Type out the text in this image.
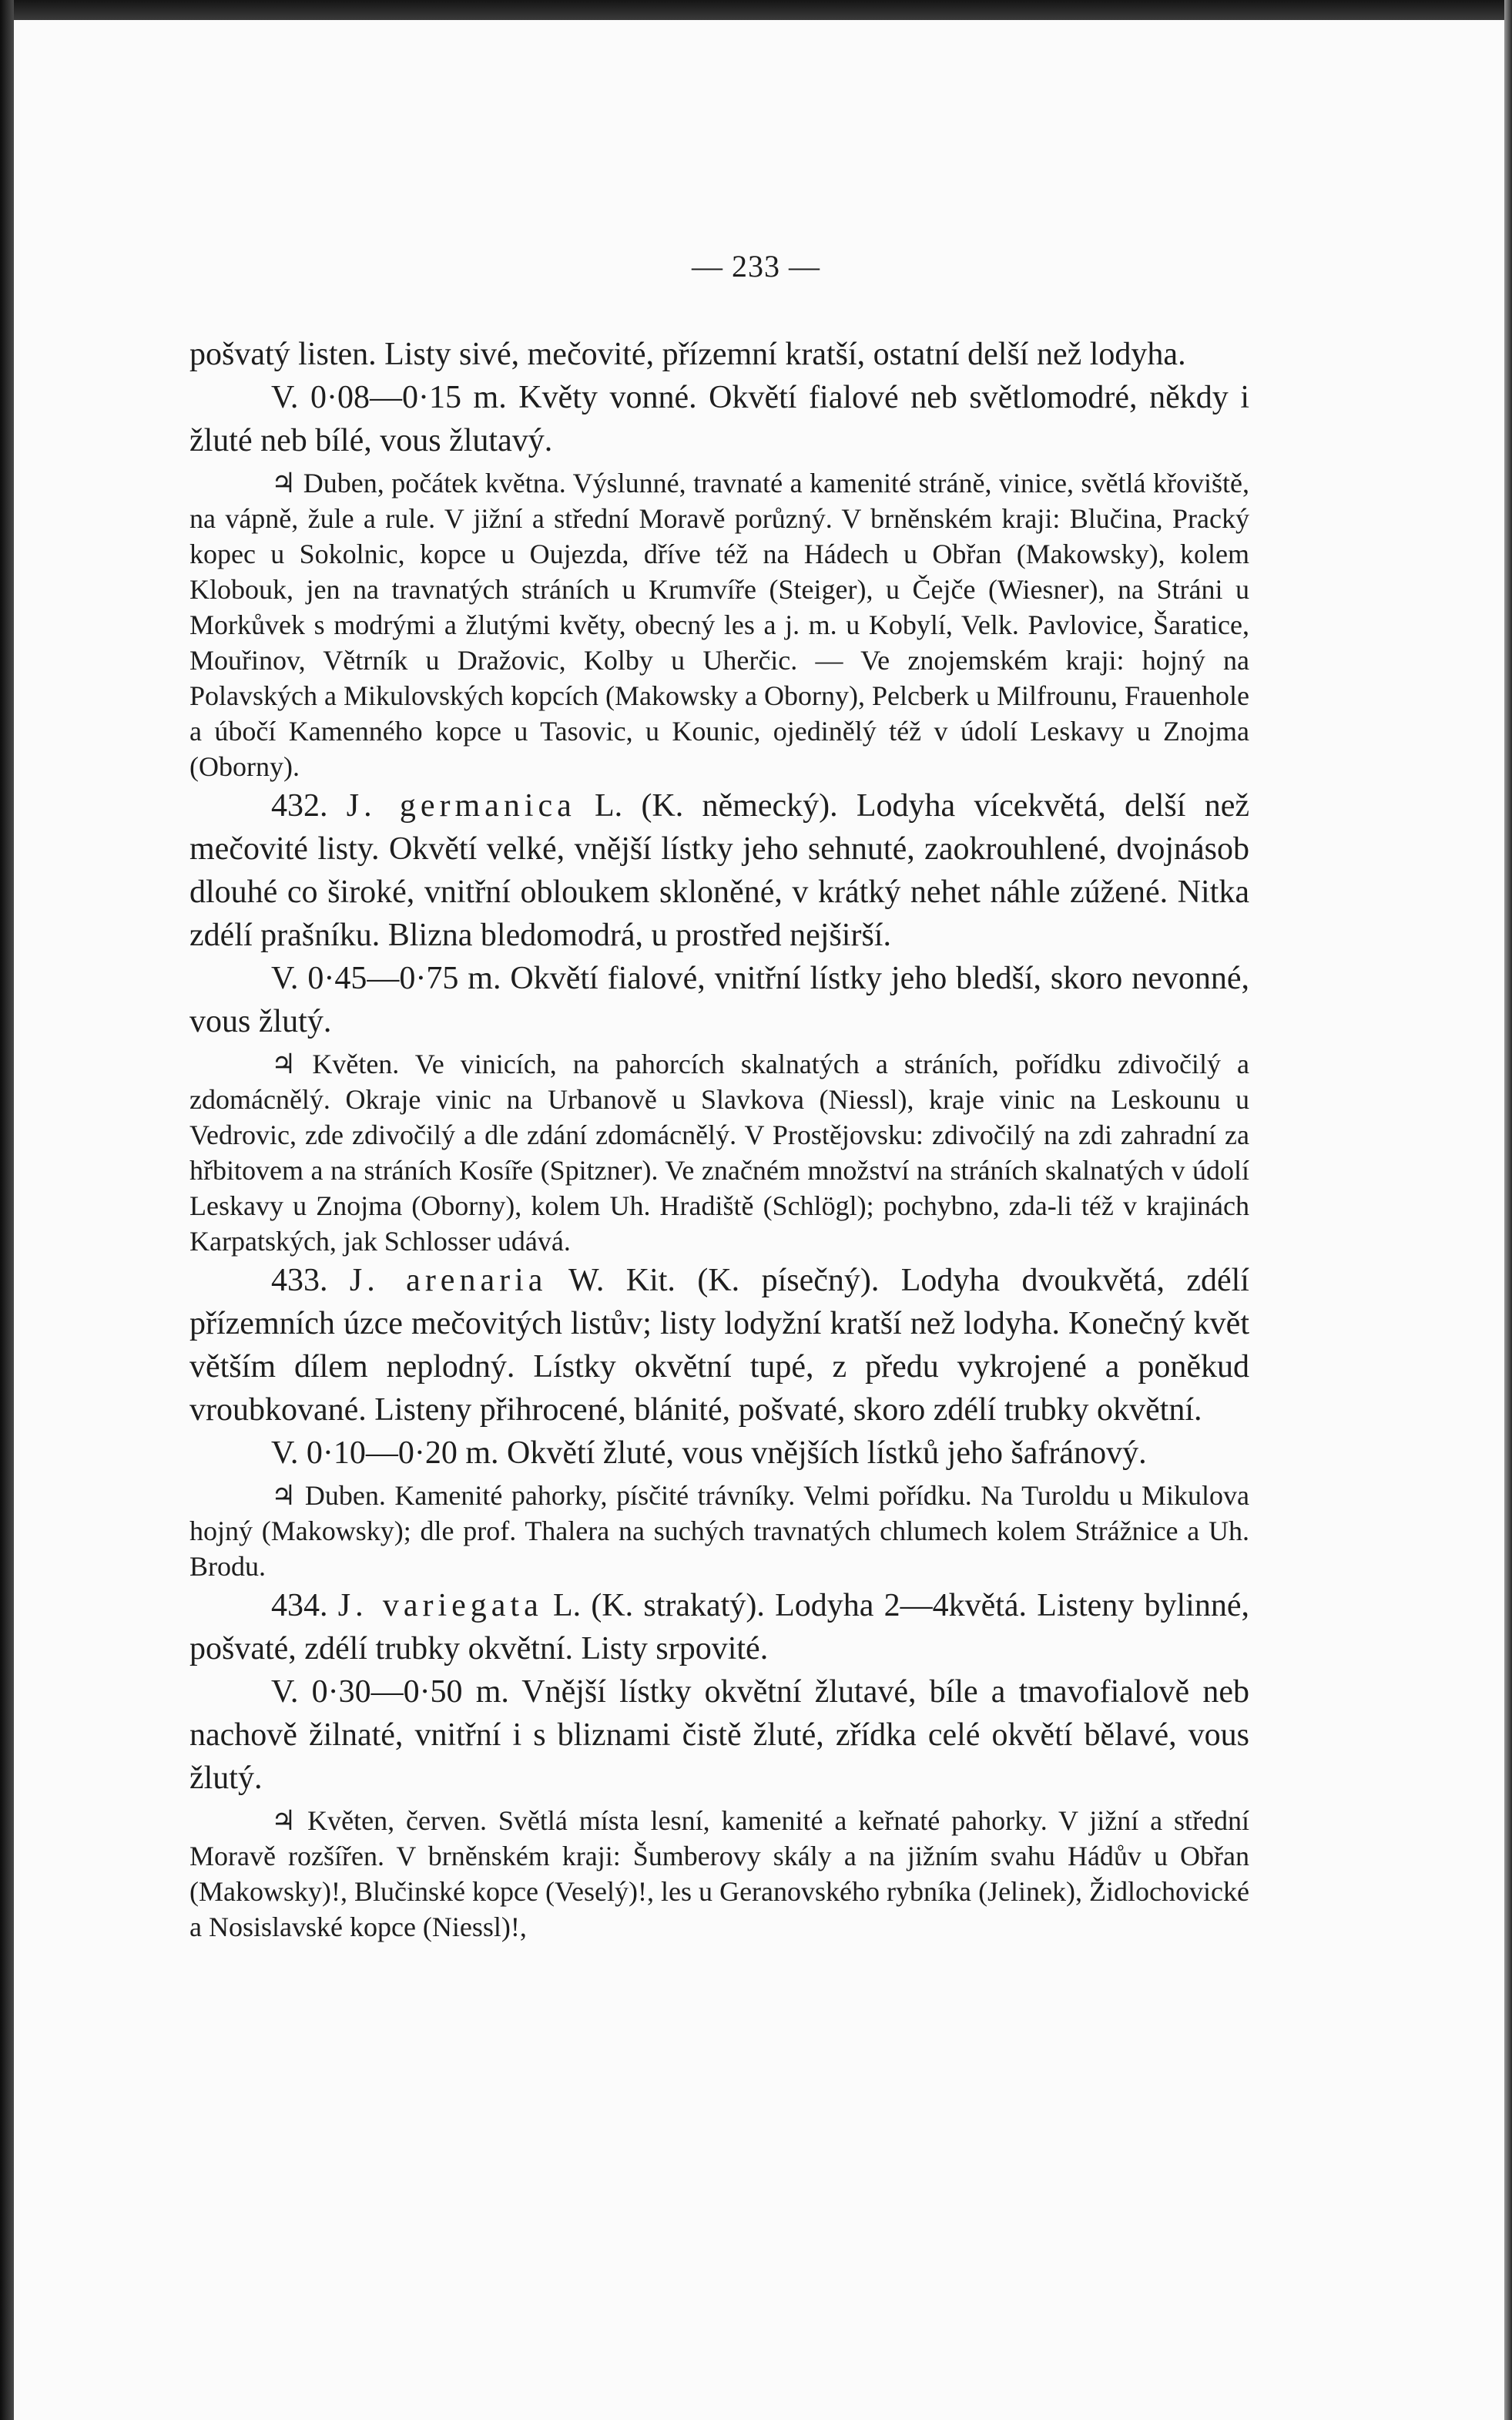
— 233 —

pošvatý listen. Listy sivé, mečovité, přízemní kratší, ostatní delší než lodyha.

V. 0·08—0·15 m. Květy vonné. Okvětí fialové neb světlomodré, někdy i žluté neb bílé, vous žlutavý.

♃ Duben, počátek května. Výslunné, travnaté a kamenité stráně, vinice, světlá křoviště, na vápně, žule a rule. V jižní a střední Moravě porůzný. V brněnském kraji: Blučina, Pracký kopec u Sokolnic, kopce u Oujezda, dříve též na Hádech u Obřan (Makowsky), kolem Klobouk, jen na travnatých stráních u Krumvíře (Steiger), u Čejče (Wiesner), na Stráni u Morkůvek s modrými a žlutými květy, obecný les a j. m. u Kobylí, Velk. Pavlovice, Šaratice, Mouřinov, Větrník u Dražovic, Kolby u Uherčic. — Ve znojemském kraji: hojný na Polavských a Mikulovských kopcích (Makowsky a Oborny), Pelcberk u Milfrounu, Frauenhole a úbočí Kamenného kopce u Tasovic, u Kounic, ojedinělý též v údolí Leskavy u Znojma (Oborny).

432. J. germanica L. (K. německý). Lodyha vícekvětá, delší než mečovité listy. Okvětí velké, vnější lístky jeho sehnuté, zaokrouhlené, dvojnásob dlouhé co široké, vnitřní obloukem skloněné, v krátký nehet náhle zúžené. Nitka zdélí prašníku. Blizna bledomodrá, u prostřed nejširší.

V. 0·45—0·75 m. Okvětí fialové, vnitřní lístky jeho bledší, skoro nevonné, vous žlutý.

♃ Květen. Ve vinicích, na pahorcích skalnatých a stráních, pořídku zdivočilý a zdomácnělý. Okraje vinic na Urbanově u Slavkova (Niessl), kraje vinic na Leskounu u Vedrovic, zde zdivočilý a dle zdání zdomácnělý. V Prostějovsku: zdivočilý na zdi zahradní za hřbitovem a na stráních Kosíře (Spitzner). Ve značném množství na stráních skalnatých v údolí Leskavy u Znojma (Oborny), kolem Uh. Hradiště (Schlögl); pochybno, zda-li též v krajinách Karpatských, jak Schlosser udává.

433. J. arenaria W. Kit. (K. písečný). Lodyha dvoukvětá, zdélí přízemních úzce mečovitých listův; listy lodyžní kratší než lodyha. Konečný květ větším dílem neplodný. Lístky okvětní tupé, z předu vykrojené a poněkud vroubkované. Listeny přihrocené, blánité, pošvaté, skoro zdélí trubky okvětní.

V. 0·10—0·20 m. Okvětí žluté, vous vnějších lístků jeho šafránový.

♃ Duben. Kamenité pahorky, písčité trávníky. Velmi pořídku. Na Turoldu u Mikulova hojný (Makowsky); dle prof. Thalera na suchých travnatých chlumech kolem Strážnice a Uh. Brodu.

434. J. variegata L. (K. strakatý). Lodyha 2—4květá. Listeny bylinné, pošvaté, zdélí trubky okvětní. Listy srpovité.

V. 0·30—0·50 m. Vnější lístky okvětní žlutavé, bíle a tmavofialově neb nachově žilnaté, vnitřní i s bliznami čistě žluté, zřídka celé okvětí bělavé, vous žlutý.

♃ Květen, červen. Světlá místa lesní, kamenité a keřnaté pahorky. V jižní a střední Moravě rozšířen. V brněnském kraji: Šumberovy skály a na jižním svahu Hádův u Obřan (Makowsky)!, Blučinské kopce (Veselý)!, les u Geranovského rybníka (Jelinek), Židlochovické a Nosislavské kopce (Niessl)!,
